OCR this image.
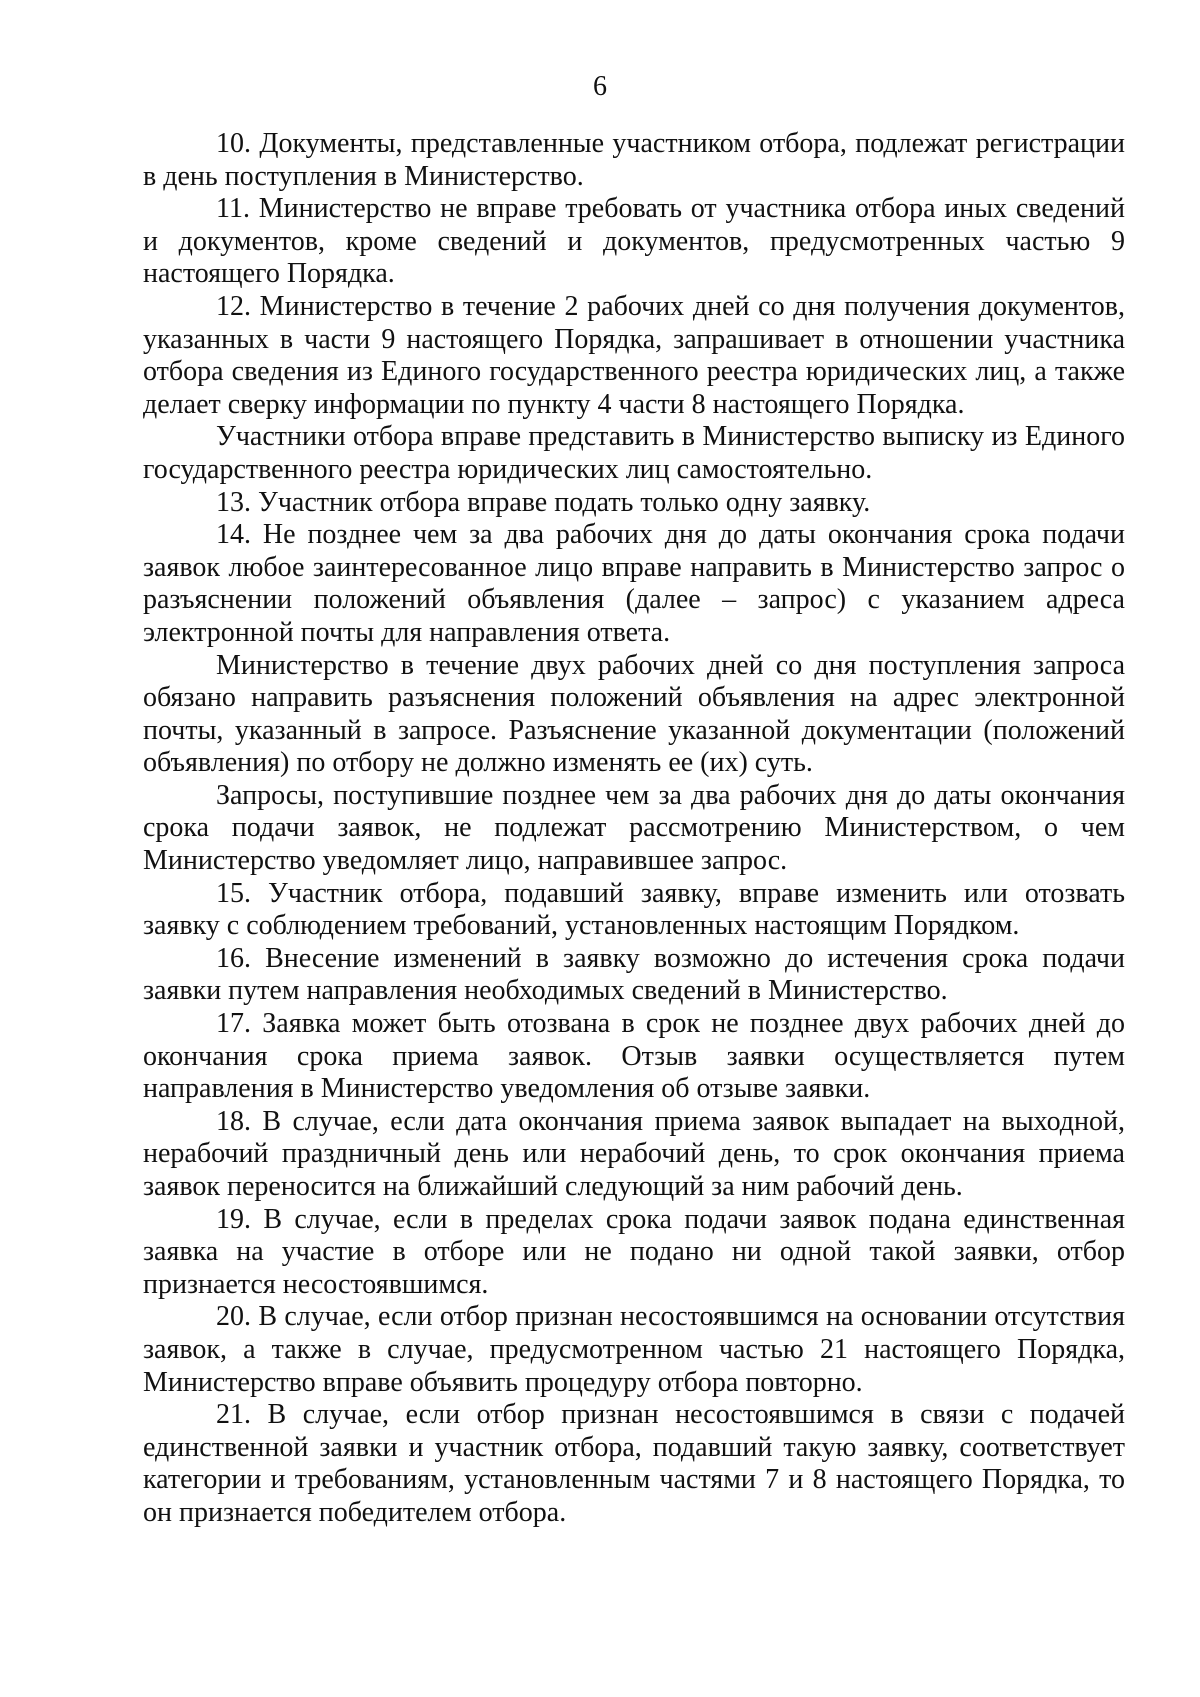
6

10. Документы, представленные участником отбора, подлежат регистрации в день поступления в Министерство.

11. Министерство не вправе требовать от участника отбора иных сведений и документов, кроме сведений и документов, предусмотренных частью 9 настоящего Порядка.

12. Министерство в течение 2 рабочих дней со дня получения документов, указанных в части 9 настоящего Порядка, запрашивает в отношении участника отбора сведения из Единого государственного реестра юридических лиц, а также делает сверку информации по пункту 4 части 8 настоящего Порядка.

Участники отбора вправе представить в Министерство выписку из Единого государственного реестра юридических лиц самостоятельно.

13. Участник отбора вправе подать только одну заявку.

14. Не позднее чем за два рабочих дня до даты окончания срока подачи заявок любое заинтересованное лицо вправе направить в Министерство запрос о разъяснении положений объявления (далее – запрос) с указанием адреса электронной почты для направления ответа.

Министерство в течение двух рабочих дней со дня поступления запроса обязано направить разъяснения положений объявления на адрес электронной почты, указанный в запросе. Разъяснение указанной документации (положений объявления) по отбору не должно изменять ее (их) суть.

Запросы, поступившие позднее чем за два рабочих дня до даты окончания срока подачи заявок, не подлежат рассмотрению Министерством, о чем Министерство уведомляет лицо, направившее запрос.

15. Участник отбора, подавший заявку, вправе изменить или отозвать заявку с соблюдением требований, установленных настоящим Порядком.

16. Внесение изменений в заявку возможно до истечения срока подачи заявки путем направления необходимых сведений в Министерство.

17. Заявка может быть отозвана в срок не позднее двух рабочих дней до окончания срока приема заявок. Отзыв заявки осуществляется путем направления в Министерство уведомления об отзыве заявки.

18. В случае, если дата окончания приема заявок выпадает на выходной, нерабочий праздничный день или нерабочий день, то срок окончания приема заявок переносится на ближайший следующий за ним рабочий день.

19. В случае, если в пределах срока подачи заявок подана единственная заявка на участие в отборе или не подано ни одной такой заявки, отбор признается несостоявшимся.

20. В случае, если отбор признан несостоявшимся на основании отсутствия заявок, а также в случае, предусмотренном частью 21 настоящего Порядка, Министерство вправе объявить процедуру отбора повторно.

21. В случае, если отбор признан несостоявшимся в связи с подачей единственной заявки и участник отбора, подавший такую заявку, соответствует категории и требованиям, установленным частями 7 и 8 настоящего Порядка, то он признается победителем отбора.
